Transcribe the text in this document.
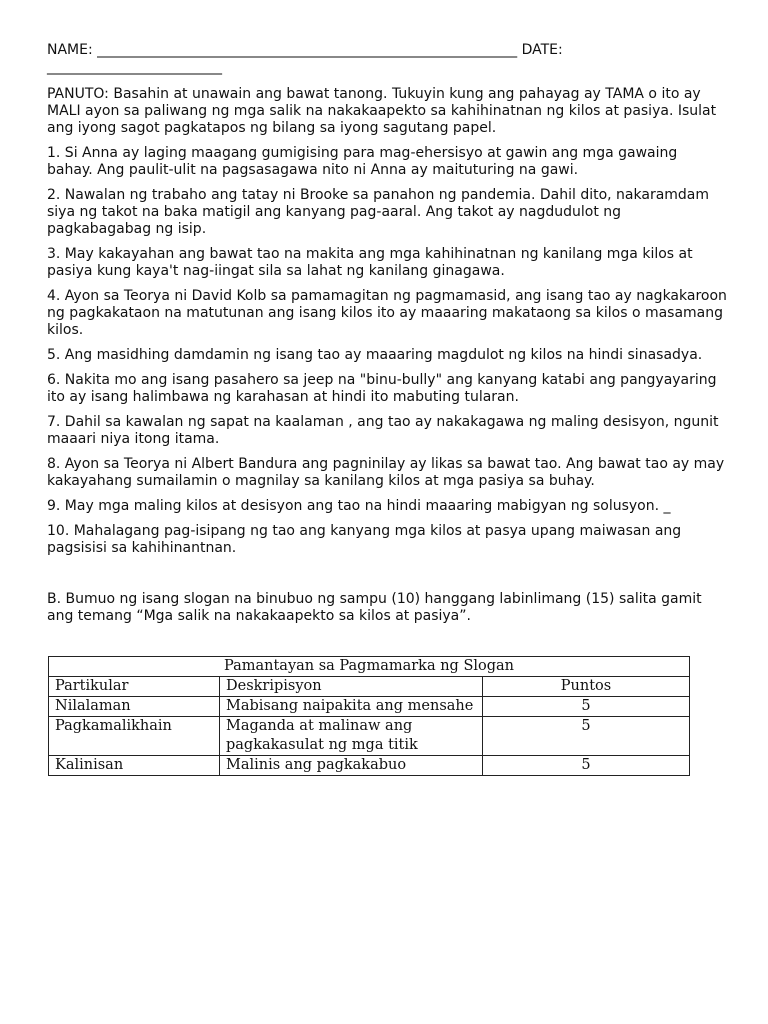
NAME: ____________________________________________________________ DATE:
_________________________

PANUTO: Basahin at unawain ang bawat tanong. Tukuyin kung ang pahayag ay TAMA o ito ay MALI ayon sa paliwang ng mga salik na nakakaapekto sa kahihinatnan ng kilos at pasiya. Isulat ang iyong sagot pagkatapos ng bilang sa iyong sagutang papel.

1. Si Anna ay laging maagang gumigising para mag-ehersisyo at gawin ang mga gawaing bahay. Ang paulit-ulit na pagsasagawa nito ni Anna ay maituturing na gawi.

2. Nawalan ng trabaho ang tatay ni Brooke sa panahon ng pandemia. Dahil dito, nakaramdam siya ng takot na baka matigil ang kanyang pag-aaral. Ang takot ay nagdudulot ng pagkabagabag ng isip.

3. May kakayahan ang bawat tao na makita ang mga kahihinatnan ng kanilang mga kilos at pasiya kung kaya't nag-iingat sila sa lahat ng kanilang ginagawa.

4. Ayon sa Teorya ni David Kolb sa pamamagitan ng pagmamasid, ang isang tao ay nagkakaroon ng pagkakataon na matutunan ang isang kilos ito ay maaaring makataong sa kilos o masamang kilos.

5. Ang masidhing damdamin ng isang tao ay maaaring magdulot ng kilos na hindi sinasadya.

6. Nakita mo ang isang pasahero sa jeep na "binu-bully" ang kanyang katabi ang pangyayaring ito ay isang halimbawa ng karahasan at hindi ito mabuting tularan.

7. Dahil sa kawalan ng sapat na kaalaman , ang tao ay nakakagawa ng maling desisyon, ngunit maaari niya itong itama.

8. Ayon sa Teorya ni Albert Bandura ang pagninilay ay likas sa bawat tao. Ang bawat tao ay may kakayahang sumailamin o magnilay sa kanilang kilos at mga pasiya sa buhay.

9. May mga maling kilos at desisyon ang tao na hindi maaaring mabigyan ng solusyon. _

10. Mahalagang pag-isipang ng tao ang kanyang mga kilos at pasya upang maiwasan ang pagsisisi sa kahihinantnan.

B. Bumuo ng isang slogan na binubuo ng sampu (10) hanggang labinlimang (15) salita gamit ang temang “Mga salik na nakakaapekto sa kilos at pasiya”.

Pamantayan sa Pagmamarka ng Slogan		
Partikular	Deskripisyon	Puntos
Nilalaman	Mabisang naipakita ang mensahe	5
Pagkamalikhain	Maganda at malinaw ang pagkakasulat ng mga titik	5
Kalinisan	Malinis ang pagkakabuo	5
